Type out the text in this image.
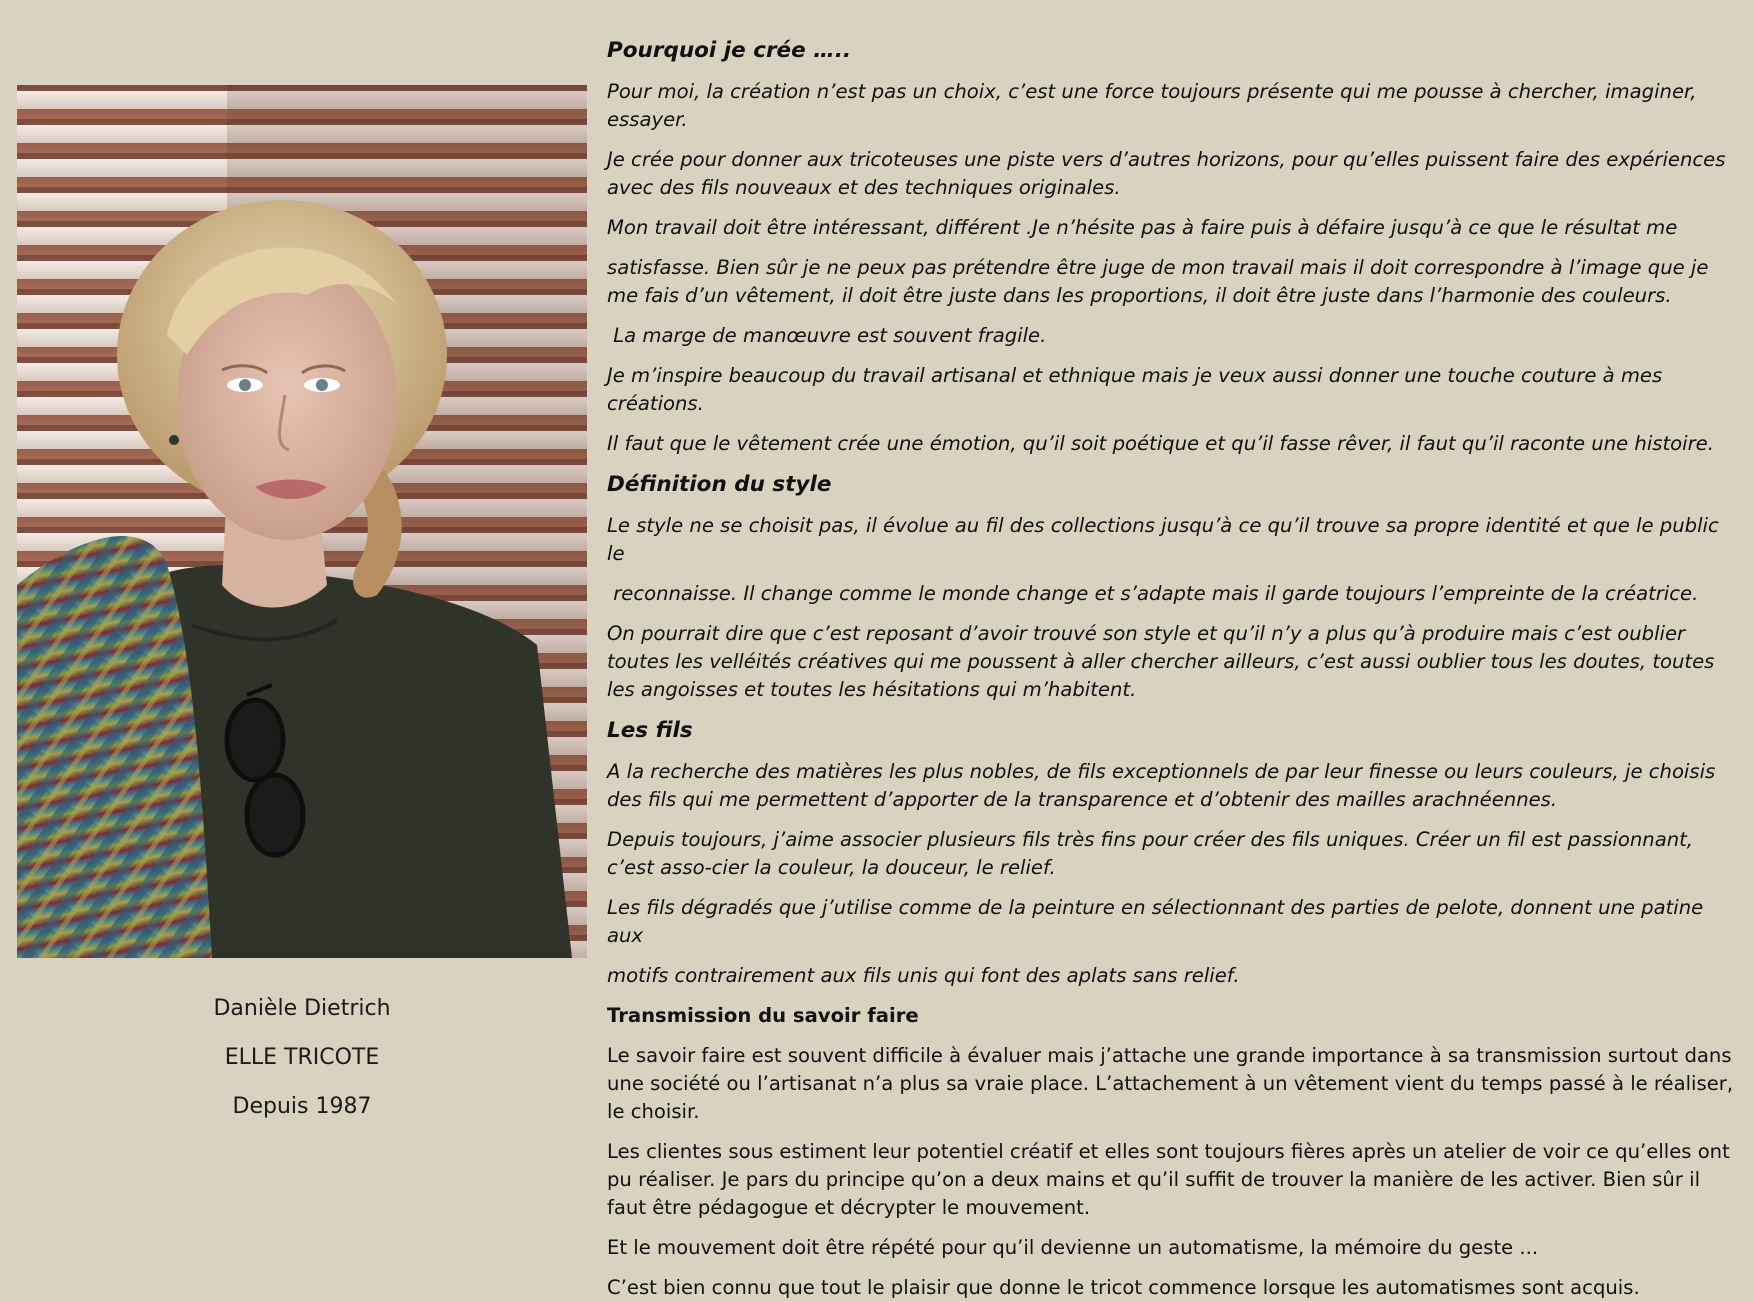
Danièle Dietrich
ELLE TRICOTE
Depuis 1987
Pourquoi je crée …..

Pour moi, la création n’est pas un choix, c’est une force toujours présente qui me pousse à chercher, imaginer, essayer.

Je crée pour donner aux tricoteuses une piste vers d’autres horizons, pour qu’elles puissent faire des expériences avec des fils nouveaux et des techniques originales.

Mon travail doit être intéressant, différent .Je n’hésite pas à faire puis à défaire jusqu’à ce que le résultat me

satisfasse. Bien sûr je ne peux pas prétendre être juge de mon travail mais il doit correspondre à l’image que je me fais d’un vêtement, il doit être juste dans les proportions, il doit être juste dans l’harmonie des couleurs.

La marge de manœuvre est souvent fragile.

Je m’inspire beaucoup du travail artisanal et ethnique mais je veux aussi donner une touche couture à mes créations.

Il faut que le vêtement crée une émotion, qu’il soit poétique et qu’il fasse rêver, il faut qu’il raconte une histoire.

Définition du style

Le style ne se choisit pas, il évolue au fil des collections jusqu’à ce qu’il trouve sa propre identité et que le public le

reconnaisse. Il change comme le monde change et s’adapte mais il garde toujours l’empreinte de la créatrice.

On pourrait dire que c’est reposant d’avoir trouvé son style et qu’il n’y a plus qu’à produire mais c’est oublier toutes les velléités créatives qui me poussent à aller chercher ailleurs, c’est aussi oublier tous les doutes, toutes les angoisses et toutes les hésitations qui m’habitent.

Les fils

A la recherche des matières les plus nobles, de fils exceptionnels de par leur finesse ou leurs couleurs, je choisis des fils qui me permettent d’apporter de la transparence et d’obtenir des mailles arachnéennes.

Depuis toujours, j’aime associer plusieurs fils très fins pour créer des fils uniques. Créer un fil est passionnant, c’est asso-cier la couleur, la douceur, le relief.

Les fils dégradés que j’utilise comme de la peinture en sélectionnant des parties de pelote, donnent une patine aux

motifs contrairement aux fils unis qui font des aplats sans relief.

Transmission du savoir faire

Le savoir faire est souvent difficile à évaluer mais j’attache une grande importance à sa transmission surtout dans une société ou l’artisanat n’a plus sa vraie place. L’attachement à un vêtement vient du temps passé à le réaliser, le choisir.

Les clientes sous estiment leur potentiel créatif et elles sont toujours fières après un atelier de voir ce qu’elles ont pu réaliser. Je pars du principe qu’on a deux mains et qu’il suffit de trouver la manière de les activer. Bien sûr il faut être pédagogue et décrypter le mouvement.

Et le mouvement doit être répété pour qu’il devienne un automatisme, la mémoire du geste ...

C’est bien connu que tout le plaisir que donne le tricot commence lorsque les automatismes sont acquis.
